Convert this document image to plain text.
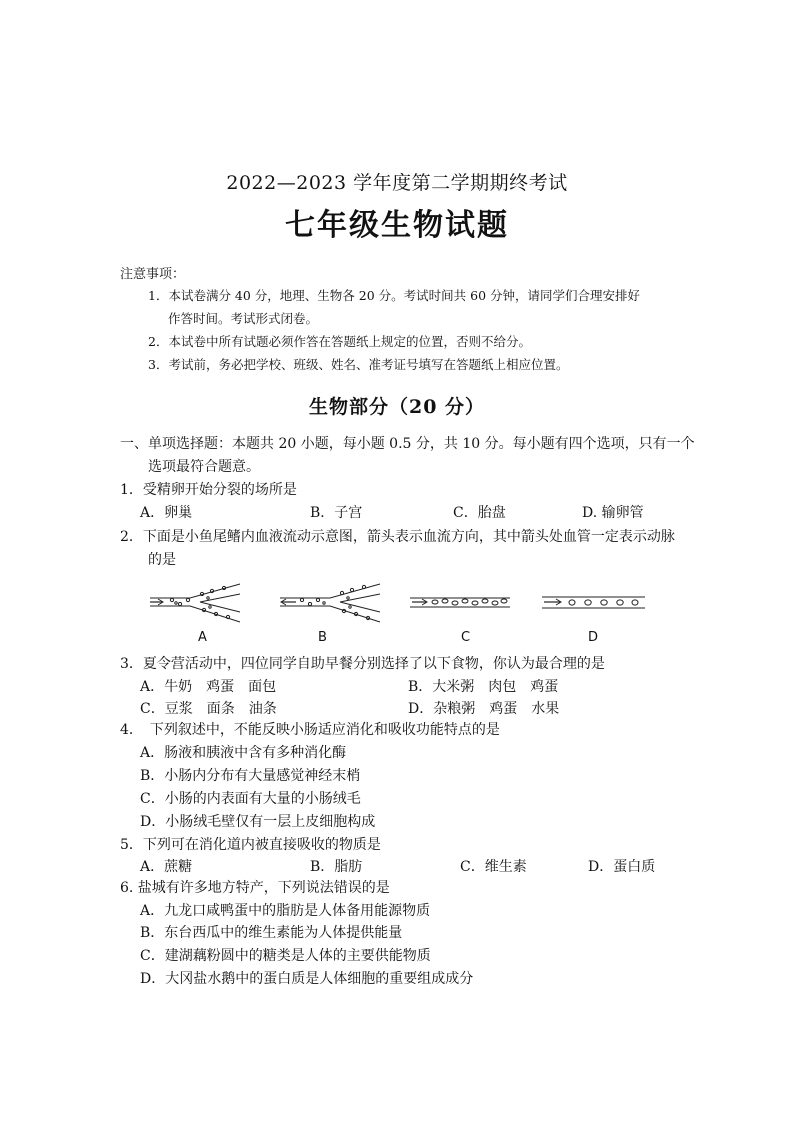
2022—2023 学年度第二学期期终考试
七年级生物试题
注意事项：
1．本试卷满分 40 分，地理、生物各 20 分。考试时间共 60 分钟，请同学们合理安排好
作答时间。考试形式闭卷。
2．本试卷中所有试题必须作答在答题纸上规定的位置，否则不给分。
3．考试前，务必把学校、班级、姓名、准考证号填写在答题纸上相应位置。
生物部分（20 分）
一、单项选择题：本题共 20 小题，每小题 0.5 分，共 10 分。每小题有四个选项，只有一个
选项最符合题意。
1．受精卵开始分裂的场所是
A．卵巢	B．子宫	C．胎盘	D. 输卵管
2．下面是小鱼尾鳍内血液流动示意图，箭头表示血流方向，其中箭头处血管一定表示动脉
的是
A	B	C	D
3．夏令营活动中，四位同学自助早餐分别选择了以下食物，你认为最合理的是
A．牛奶　鸡蛋　面包	B．大米粥　肉包　鸡蛋
C．豆浆　面条　油条	D．杂粮粥　鸡蛋　水果
4．　下列叙述中，不能反映小肠适应消化和吸收功能特点的是
A．肠液和胰液中含有多种消化酶
B．小肠内分布有大量感觉神经末梢
C．小肠的内表面有大量的小肠绒毛
D．小肠绒毛壁仅有一层上皮细胞构成
5．下列可在消化道内被直接吸收的物质是
A．蔗糖	B．脂肪	C．维生素	D．蛋白质
6. 盐城有许多地方特产，下列说法错误的是
A．九龙口咸鸭蛋中的脂肪是人体备用能源物质
B．东台西瓜中的维生素能为人体提供能量
C．建湖藕粉圆中的糖类是人体的主要供能物质
D．大冈盐水鹅中的蛋白质是人体细胞的重要组成成分
